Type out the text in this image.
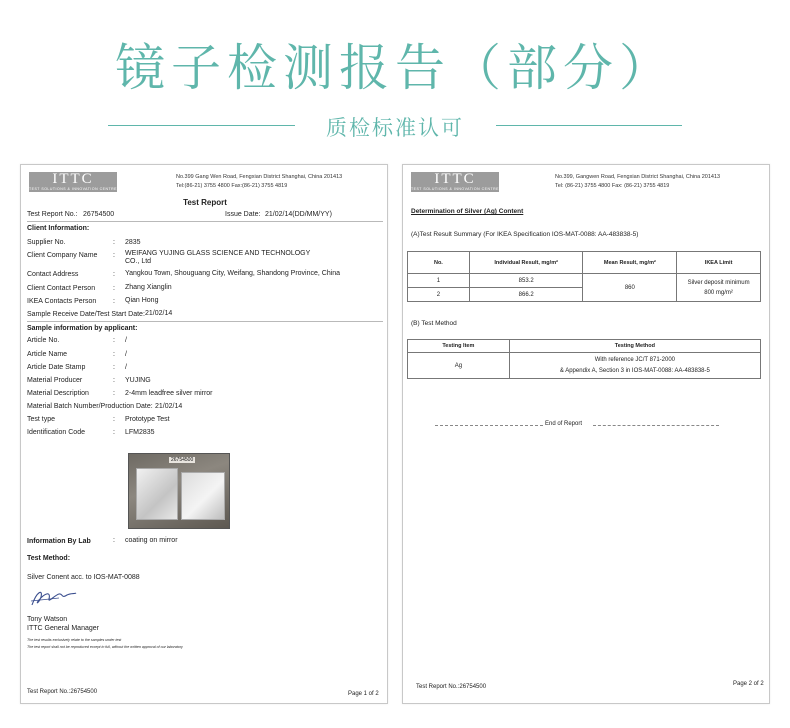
镜子检测报告（部分）
质检标准认可
ITTC
TEST SOLUTIONS & INNOVATION CENTRE
No.399 Gang Wen Road, Fengxian District Shanghai, China 201413
Tel:(86-21) 3755 4800 Fax:(86-21) 3755 4819
Test Report
Test Report No.: 26754500	Issue Date: 21/02/14(DD/MM/YY)
Client Information:
Supplier No.	: 2835
Client Company Name : WEIFANG YUJING GLASS SCIENCE AND TECHNOLOGY
CO., Ltd
Contact Address	: Yangkou Town, Shouguang City, Weifang, Shandong Province, China
Client Contact Person	: Zhang Xianglin
IKEA Contacts Person : Qian Hong
Sample Receive Date/Test Start Date: 21/02/14
Sample information by applicant:
Article No.	: /
Article Name	: /
Article Date Stamp	: /
Material Producer	: YUJING
Material Description	: 2-4mm leadfree silver mirror
Material Batch Number/Production Date: 21/02/14
Test type	: Prototype Test
Identification Code	: LFM2835
26754500
Information By Lab	: coating on mirror
Test Method:
Silver Conent acc. to IOS-MAT-0088
Tony Watson
ITTC General Manager
The test results exclusively relate to the samples under test
The test report shall not be reproduced except in full, without the written approval of our laboratory
Test Report No.:26754500	Page 1 of 2
ITTC
TEST SOLUTIONS & INNOVATION CENTRE
No.399, Gangwen Road, Fengxian District Shanghai, China 201413
Tel: (86-21) 3755 4800 Fax: (86-21) 3755 4819
Determination of Silver (Ag) Content
(A)Test Result Summary (For IKEA Specification IOS-MAT-0088: AA-483838-5)
No.	Individual Result, mg/m²	Mean Result, mg/m²	IKEA Limit
1	853.2	860	Silver deposit minimum
800 mg/m²

2	866.2		
(B) Test Method
Testing Item	Testing Method
Ag	With reference JC/T 871-2000
& Appendix A, Section 3 in IOS-MAT-0088: AA-483838-5
End of Report
Test Report No.:26754500	Page 2 of 2
